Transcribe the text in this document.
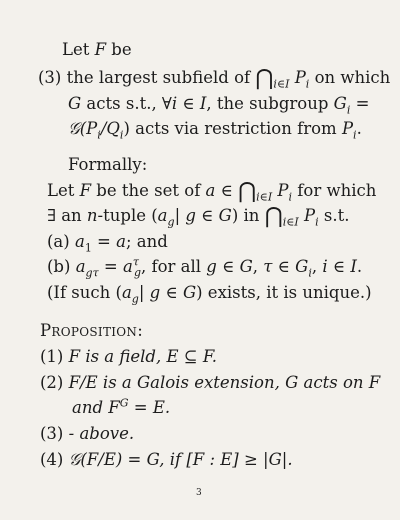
Let F be
(3) the largest subfield of $⋂_{i\in I}$ $P_i$ on which
G acts s.t., ∀i ∈ I, the subgroup $G_i$ =
$𝒢(P_i/Q_i)$ acts via restriction from $P_i$.
Formally:
Let F be the set of a ∈ $⋂_{i\in I}$ $P_i$ for which
∃ an n-tuple ($a_g|$ g ∈ G) in $⋂_{i\in I}$ $P_i$ s.t.
(a) $a_1 = a$; and
(b) $a_{g\tau} = a^\tau_g$, for all g ∈ G, τ ∈ $G_i$, i ∈ I.
(If such ($a_g|$ g ∈ G) exists, it is unique.)
Proposition:
(1) F is a field, E ⊆ F.
(2) F/E is a Galois extension, G acts on F
and $F^G = E$.
(3) - above.
(4) 𝒢(F/E) = G, if [F : E] ≥ |G|.
3
